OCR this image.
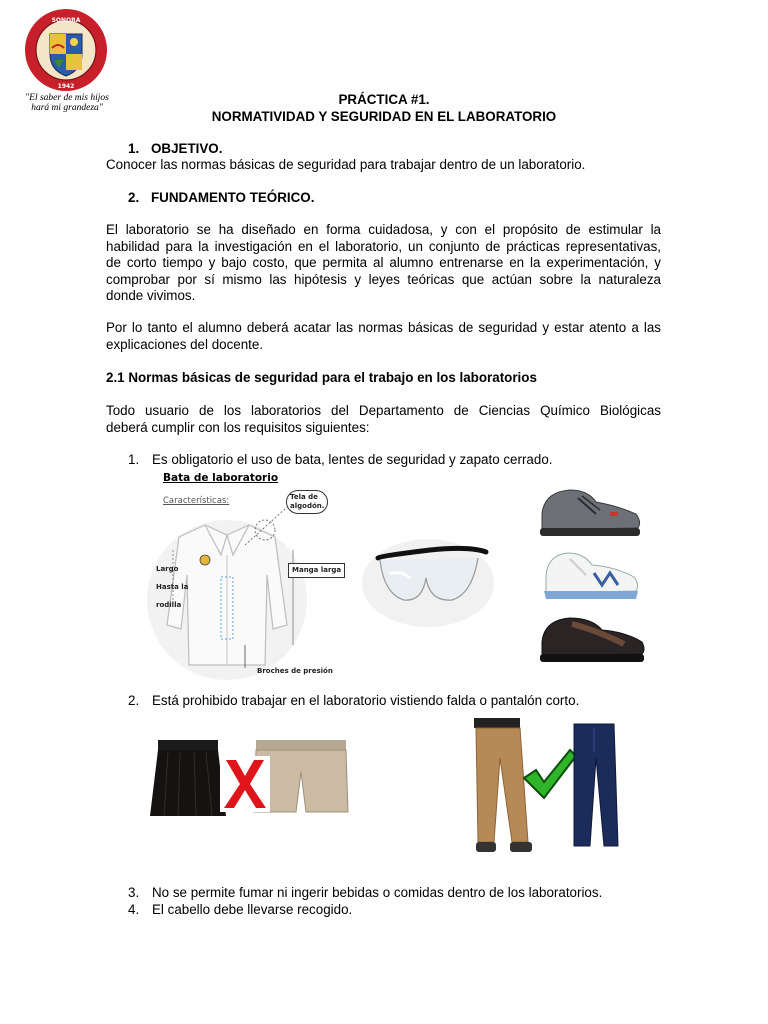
SONORA
1942
"El saber de mis hijos
hará mi grandeza"
PRÁCTICA #1.
NORMATIVIDAD Y SEGURIDAD EN EL LABORATORIO
1. OBJETIVO.
Conocer las normas básicas de seguridad para trabajar dentro de un laboratorio.
2. FUNDAMENTO TEÓRICO.
El laboratorio se ha diseñado en forma cuidadosa, y con el propósito de estimular la
habilidad para la investigación en el laboratorio, un conjunto de prácticas representativas,
de corto tiempo y bajo costo, que permita al alumno entrenarse en la experimentación, y
comprobar por sí mismo las hipótesis y leyes teóricas que actúan sobre la naturaleza
donde vivimos.
Por lo tanto el alumno deberá acatar las normas básicas de seguridad y estar atento a las
explicaciones del docente.
2.1 Normas básicas de seguridad para el trabajo en los laboratorios
Todo usuario de los laboratorios del Departamento de Ciencias Químico Biológicas
deberá cumplir con los requisitos siguientes:
1. Es obligatorio el uso de bata, lentes de seguridad y zapato cerrado.
Bata de laboratorio
Características:	Tela de
algodón.
Largo
Hasta la
rodilla
Manga larga
Broches de presión
2. Está prohibido trabajar en el laboratorio vistiendo falda o pantalón corto.
3. No se permite fumar ni ingerir bebidas o comidas dentro de los laboratorios.
4. El cabello debe llevarse recogido.
